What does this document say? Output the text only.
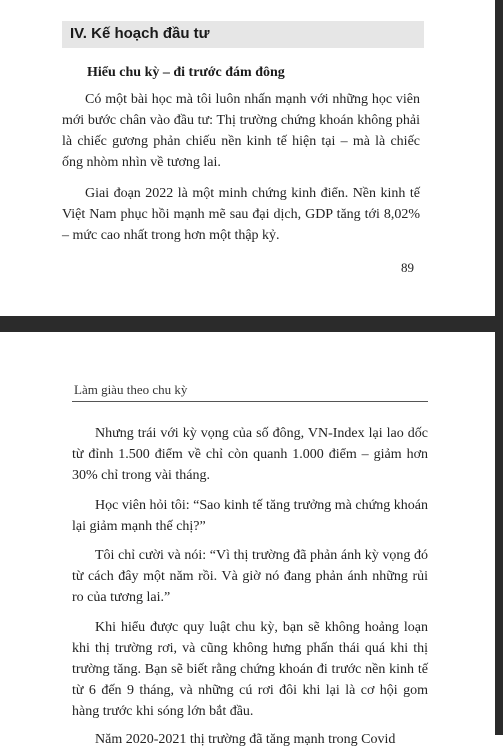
IV. Kế hoạch đầu tư
Hiểu chu kỳ – đi trước đám đông

Có một bài học mà tôi luôn nhấn mạnh với những học viên mới bước chân vào đầu tư: Thị trường chứng khoán không phải là chiếc gương phản chiếu nền kinh tế hiện tại – mà là chiếc ống nhòm nhìn về tương lai.

Giai đoạn 2022 là một minh chứng kinh điển. Nền kinh tế Việt Nam phục hồi mạnh mẽ sau đại dịch, GDP tăng tới 8,02% – mức cao nhất trong hơn một thập kỷ.

89
Làm giàu theo chu kỳ

Nhưng trái với kỳ vọng của số đông, VN-Index lại lao dốc từ đỉnh 1.500 điểm về chỉ còn quanh 1.000 điểm – giảm hơn 30% chỉ trong vài tháng.

Học viên hỏi tôi: “Sao kinh tế tăng trưởng mà chứng khoán lại giảm mạnh thế chị?”

Tôi chỉ cười và nói: “Vì thị trường đã phản ánh kỳ vọng đó từ cách đây một năm rồi. Và giờ nó đang phản ánh những rủi ro của tương lai.”

Khi hiểu được quy luật chu kỳ, bạn sẽ không hoảng loạn khi thị trường rơi, và cũng không hưng phấn thái quá khi thị trường tăng. Bạn sẽ biết rằng chứng khoán đi trước nền kinh tế từ 6 đến 9 tháng, và những cú rơi đôi khi lại là cơ hội gom hàng trước khi sóng lớn bắt đầu.

Năm 2020-2021 thị trường đã tăng mạnh trong Covid
